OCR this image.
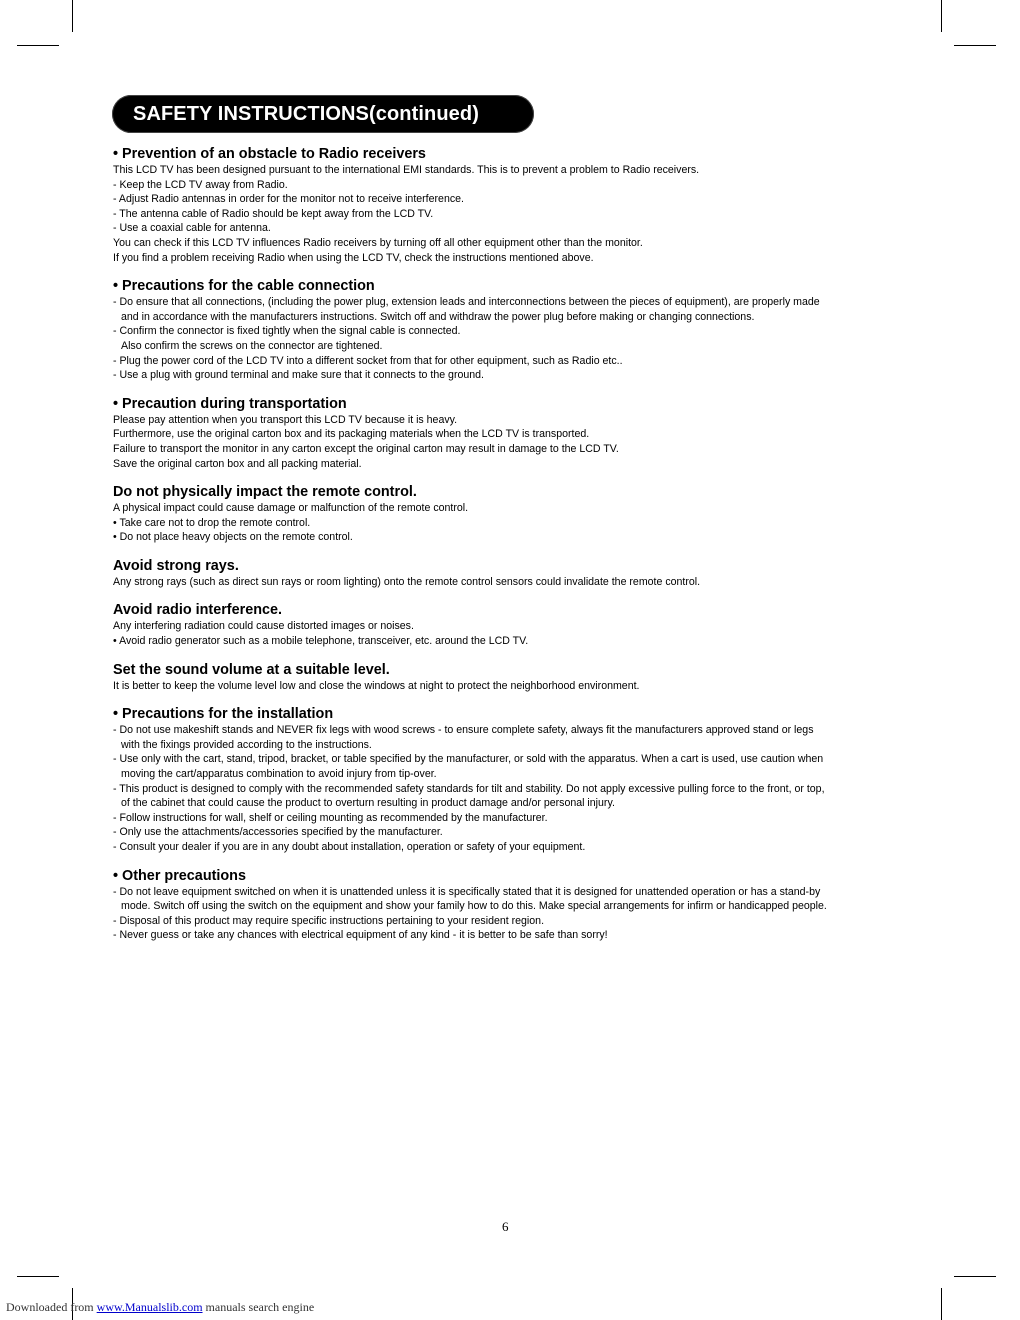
SAFETY INSTRUCTIONS(continued)
• Prevention of an obstacle to Radio receivers
This LCD TV has been designed pursuant to the international EMI standards. This is to prevent a problem to Radio receivers.
- Keep the LCD TV away from Radio.
- Adjust Radio antennas in order for the monitor not to receive interference.
- The antenna cable of Radio should be kept away from the LCD TV.
- Use a coaxial cable for antenna.
You can check if this LCD TV influences Radio receivers by turning off all other equipment other than the monitor.
If you find a problem receiving Radio when using the LCD TV, check the instructions mentioned above.
• Precautions for the cable connection
- Do ensure that all connections, (including the power plug, extension leads and interconnections between the pieces of equipment), are properly made
and in accordance with the manufacturers instructions. Switch off and withdraw the power plug before making or changing connections.
- Confirm the connector is fixed tightly when the signal cable is connected.
Also confirm the screws on the connector are tightened.
- Plug the power cord of the LCD TV into a different socket from that for other equipment, such as Radio etc..
- Use a plug with ground terminal and make sure that it connects to the ground.
• Precaution during transportation
Please pay attention when you transport this LCD TV because it is heavy.
Furthermore, use the original carton box and its packaging materials when the LCD TV is transported.
Failure to transport the monitor in any carton except the original carton may result in damage to the LCD TV.
Save the original carton box and all packing material.
Do not physically impact the remote control.
A physical impact could cause damage or malfunction of the remote control.
• Take care not to drop the remote control.
• Do not place heavy objects on the remote control.
Avoid strong rays.
Any strong rays (such as direct sun rays or room lighting) onto the remote control sensors could invalidate the remote control.
Avoid radio interference.
Any interfering radiation could cause distorted images or noises.
• Avoid radio generator such as a mobile telephone, transceiver, etc. around the LCD TV.
Set the sound volume at a suitable level.
It is better to keep the volume level low and close the windows at night to protect the neighborhood environment.
• Precautions for the installation
- Do not use makeshift stands and NEVER fix legs with wood screws - to ensure complete safety, always fit the manufacturers approved stand or legs
with the fixings provided according to the instructions.
- Use only with the cart, stand, tripod, bracket, or table specified by the manufacturer, or sold with the apparatus. When a cart is used, use caution when
moving the cart/apparatus combination to avoid injury from tip-over.
- This product is designed to comply with the recommended safety standards for tilt and stability. Do not apply excessive pulling force to the front, or top,
of the cabinet that could cause the product to overturn resulting in product damage and/or personal injury.
- Follow instructions for wall, shelf or ceiling mounting as recommended by the manufacturer.
- Only use the attachments/accessories specified by the manufacturer.
- Consult your dealer if you are in any doubt about installation, operation or safety of your equipment.
• Other precautions
- Do not leave equipment switched on when it is unattended unless it is specifically stated that it is designed for unattended operation or has a stand-by
mode. Switch off using the switch on the equipment and show your family how to do this. Make special arrangements for infirm or handicapped people.
- Disposal of this product may require specific instructions pertaining to your resident region.
- Never guess or take any chances with electrical equipment of any kind - it is better to be safe than sorry!
6
Downloaded from www.Manualslib.com manuals search engine
